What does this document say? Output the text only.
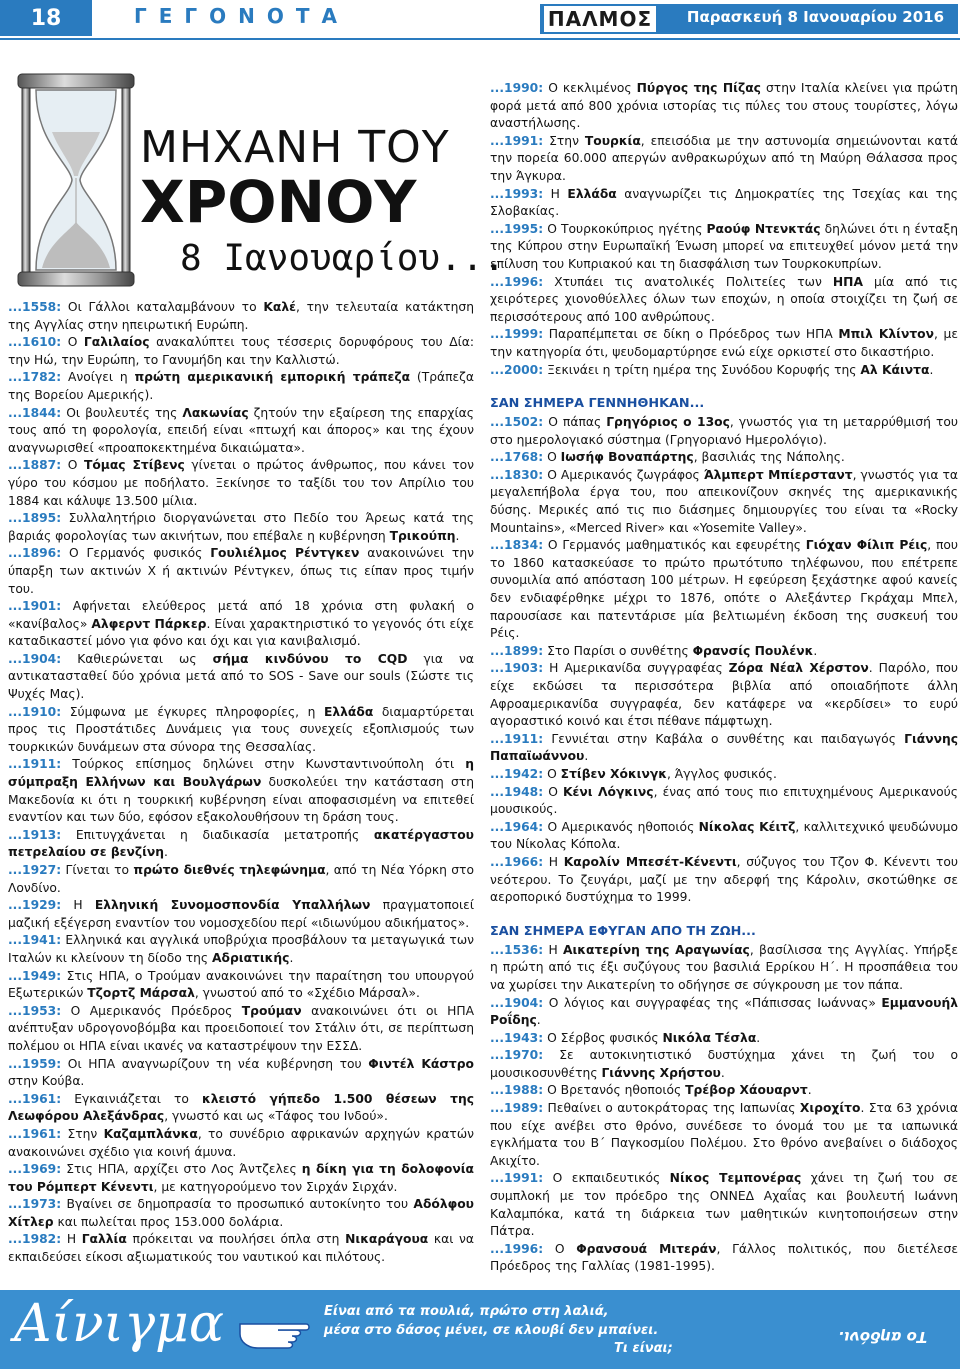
18	ΓΕΓΟΝΟΤΑ	ΠΑΛΜΟΣ Παρασκευή 8 Ιανουαρίου 2016
ΜΗΧΑΝΗ ΤΟΥ
ΧΡΟΝΟΥ
8 Ιανουαρίου...
...1558: Οι Γάλλοι καταλαμβάνουν το Καλέ, την τελευταία κατάκτηση της Αγγλίας στην ηπειρωτική Ευρώπη.
...1610: Ο Γαλιλαίος ανακαλύπτει τους τέσσερις δορυφόρους του Δία: την Ηώ, την Ευρώπη, το Γανυμήδη και την Καλλιστώ.
...1782: Ανοίγει η πρώτη αμερικανική εμπορική τράπεζα (Τράπεζα της Βορείου Αμερικής).
...1844: Οι βουλευτές της Λακωνίας ζητούν την εξαίρεση της επαρχίας τους από τη φορολογία, επειδή είναι «πτωχή και άπορος» και της έχουν αναγνωρισθεί «προαποκεκτημένα δικαιώματα».
...1887: Ο Τόμας Στίβενς γίνεται ο πρώτος άνθρωπος, που κάνει τον γύρο του κόσμου με ποδήλατο. Ξεκίνησε το ταξίδι του τον Απρίλιο του 1884 και κάλυψε 13.500 μίλια.
...1895: Συλλαλητήριο διοργανώνεται στο Πεδίο του Άρεως κατά της βαριάς φορολογίας των ακινήτων, που επέβαλε η κυβέρνηση Τρικούπη.
...1896: Ο Γερμανός φυσικός Γουλιέλμος Ρέντγκεν ανακοινώνει την ύπαρξη των ακτινών Χ ή ακτινών Ρέντγκεν, όπως τις είπαν προς τιμήν του.
...1901: Αφήνεται ελεύθερος μετά από 18 χρόνια στη φυλακή ο «κανίβαλος» Αλφερντ Πάρκερ. Είναι χαρακτηριστικό το γεγονός ότι είχε καταδικαστεί μόνο για φόνο και όχι και για κανιβαλισμό.
...1904: Καθιερώνεται ως σήμα κινδύνου το CQD για να αντικατασταθεί δύο χρόνια μετά από το SOS - Save our souls (Σώστε τις Ψυχές Μας).
...1910: Σύμφωνα με έγκυρες πληροφορίες, η Ελλάδα διαμαρτύρεται προς τις Προστάτιδες Δυνάμεις για τους συνεχείς εξοπλισμούς των τουρκικών δυνάμεων στα σύνορα της Θεσσαλίας.
...1911: Τούρκος επίσημος δηλώνει στην Κωνσταντινούπολη ότι η σύμπραξη Ελλήνων και Βουλγάρων δυσκολεύει την κατάσταση στη Μακεδονία κι ότι η τουρκική κυβέρνηση είναι αποφασισμένη να επιτεθεί εναντίον και των δύο, εφόσον εξακολουθήσουν τη δράση τους.
...1913: Επιτυγχάνεται η διαδικασία μετατροπής ακατέργαστου πετρελαίου σε βενζίνη.
...1927: Γίνεται το πρώτο διεθνές τηλεφώνημα, από τη Νέα Υόρκη στο Λονδίνο.
...1929: Η Ελληνική Συνομοσπονδία Υπαλλήλων πραγματοποιεί μαζική εξέγερση εναντίον του νομοσχεδίου περί «ιδιωνύμου αδικήματος».
...1941: Ελληνικά και αγγλικά υποβρύχια προσβάλουν τα μεταγωγικά των Ιταλών κι κλείνουν τη δίοδο της Αδριατικής.
...1949: Στις ΗΠΑ, ο Τρούμαν ανακοινώνει την παραίτηση του υπουργού Εξωτερικών Τζορτζ Μάρσαλ, γνωστού από το «Σχέδιο Μάρσαλ».
...1953: Ο Αμερικανός Πρόεδρος Τρούμαν ανακοινώνει ότι οι ΗΠΑ ανέπτυξαν υδρογονοβόμβα και προειδοποιεί τον Στάλιν ότι, σε περίπτωση πολέμου οι ΗΠΑ είναι ικανές να καταστρέψουν την ΕΣΣΔ.
...1959: Οι ΗΠΑ αναγνωρίζουν τη νέα κυβέρνηση του Φιντέλ Κάστρο στην Κούβα.
...1961: Εγκαινιάζεται το κλειστό γήπεδο 1.500 θέσεων της Λεωφόρου Αλεξάνδρας, γνωστό και ως «Τάφος του Ινδού».
...1961: Στην Καζαμπλάνκα, το συνέδριο αφρικανών αρχηγών κρατών ανακοινώνει σχέδιο για κοινή άμυνα.
...1969: Στις ΗΠΑ, αρχίζει στο Λος Άντζελες η δίκη για τη δολοφονία του Ρόμπερτ Κένεντι, με κατηγορούμενο τον Σιρχάν Σιρχάν.
...1973: Βγαίνει σε δημοπρασία το προσωπικό αυτοκίνητο του Αδόλφου Χίτλερ και πωλείται προς 153.000 δολάρια.
...1982: Η Γαλλία πρόκειται να πουλήσει όπλα στη Νικαράγουα και να εκπαιδεύσει είκοσι αξιωματικούς του ναυτικού και πιλότους.
...1990: Ο κεκλιμένος Πύργος της Πίζας στην Ιταλία κλείνει για πρώτη φορά μετά από 800 χρόνια ιστορίας τις πύλες του στους τουρίστες, λόγω αναστήλωσης.
...1991: Στην Τουρκία, επεισόδια με την αστυνομία σημειώνονται κατά την πορεία 60.000 απεργών ανθρακωρύχων από τη Μαύρη Θάλασσα προς την Άγκυρα.
...1993: Η Ελλάδα αναγνωρίζει τις Δημοκρατίες της Τσεχίας και της Σλοβακίας.
...1995: Ο Τουρκοκύπριος ηγέτης Ραούφ Ντενκτάς δηλώνει ότι η ένταξη της Κύπρου στην Ευρωπαϊκή Ένωση μπορεί να επιτευχθεί μόνον μετά την επίλυση του Κυπριακού και τη διασφάλιση των Τουρκοκυπρίων.
...1996: Χτυπάει τις ανατολικές Πολιτείες των ΗΠΑ μία από τις χειρότερες χιονοθύελλες όλων των εποχών, η οποία στοιχίζει τη ζωή σε περισσότερους από 100 ανθρώπους.
...1999: Παραπέμπεται σε δίκη ο Πρόεδρος των ΗΠΑ Μπιλ Κλίντον, με την κατηγορία ότι, ψευδομαρτύρησε ενώ είχε ορκιστεί στο δικαστήριο.
...2000: Ξεκινάει η τρίτη ημέρα της Συνόδου Κορυφής της Αλ Κάιντα.
ΣΑΝ ΣΗΜΕΡΑ ΓΕΝΝΗΘΗΚΑΝ...
...1502: Ο πάπας Γρηγόριος ο 13ος, γνωστός για τη μεταρρύθμισή του στο ημερολογιακό σύστημα (Γρηγοριανό Ημερολόγιο).
...1768: Ο Ιωσήφ Βοναπάρτης, βασιλιάς της Νάπολης.
...1830: Ο Αμερικανός ζωγράφος Άλμπερτ Μπίερσταντ, γνωστός για τα μεγαλεπήβολα έργα του, που απεικονίζουν σκηνές της αμερικανικής δύσης. Μερικές από τις πιο διάσημες δημιουργίες του είναι τα «Rocky Mountains», «Merced River» και «Yosemite Valley».
...1834: Ο Γερμανός μαθηματικός και εφευρέτης Γιόχαν Φίλιπ Ρέις, που το 1860 κατασκεύασε το πρώτο πρωτότυπο τηλέφωνου, που επέτρεπε συνομιλία από απόσταση 100 μέτρων. Η εφεύρεση ξεχάστηκε αφού κανείς δεν ενδιαφέρθηκε μέχρι το 1876, οπότε ο Αλεξάντερ Γκράχαμ Μπελ, παρουσίασε και πατεντάρισε μία βελτιωμένη έκδοση της συσκευή του Ρέις.
...1899: Στο Παρίσι ο συνθέτης Φρανσίς Πουλένκ.
...1903: Η Αμερικανίδα συγγραφέας Ζόρα Νέαλ Χέρστον. Παρόλο, που είχε εκδώσει τα περισσότερα βιβλία από οποιαδήποτε άλλη Αφροαμερικανίδα συγγραφέα, δεν κατάφερε να «κερδίσει» το ευρύ αγοραστικό κοινό και έτσι πέθανε πάμφτωχη.
...1911: Γεννιέται στην Καβάλα ο συνθέτης και παιδαγωγός Γιάννης Παπαϊωάννου.
...1942: Ο Στίβεν Χόκινγκ, Άγγλος φυσικός.
...1948: Ο Κένι Λόγκινς, ένας από τους πιο επιτυχημένους Αμερικανούς μουσικούς.
...1964: Ο Αμερικανός ηθοποιός Νίκολας Κέιτζ, καλλιτεχνικό ψευδώνυμο του Νίκολας Κόπολα.
...1966: Η Καρολίν Μπεσέτ-Κένεντι, σύζυγος του Τζον Φ. Κένεντι του νεότερου. Το ζευγάρι, μαζί με την αδερφή της Κάρολιν, σκοτώθηκε σε αεροπορικό δυστύχημα το 1999.
ΣΑΝ ΣΗΜΕΡΑ ΕΦΥΓΑΝ ΑΠΟ ΤΗ ΖΩΗ...
...1536: Η Αικατερίνη της Αραγωνίας, βασίλισσα της Αγγλίας. Υπήρξε η πρώτη από τις έξι συζύγους του βασιλιά Ερρίκου Η΄. Η προσπάθεια του να χωρίσει την Αικατερίνη το οδήγησε σε σύγκρουση με τον πάπα.
...1904: Ο λόγιος και συγγραφέας της «Πάπισσας Ιωάννας» Εμμανουήλ Ροΐδης.
...1943: Ο Σέρβος φυσικός Νικόλα Τέσλα.
...1970: Σε αυτοκινητιστικό δυστύχημα χάνει τη ζωή του ο μουσικοσυνθέτης Γιάννης Χρήστου.
...1988: Ο Βρετανός ηθοποιός Τρέβορ Χάουαρντ.
...1989: Πεθαίνει ο αυτοκράτορας της Ιαπωνίας Χιροχίτο. Στα 63 χρόνια που είχε ανέβει στο θρόνο, συνέδεσε το όνομά του με τα ιαπωνικά εγκλήματα του Β΄ Παγκοσμίου Πολέμου. Στο θρόνο ανεβαίνει ο διάδοχος Ακιχίτο.
...1991: Ο εκπαιδευτικός Νίκος Τεμπονέρας χάνει τη ζωή του σε συμπλοκή με τον πρόεδρο της ΟΝΝΕΔ Αχαΐας και βουλευτή Ιωάννη Καλαμπόκα, κατά τη διάρκεια των μαθητικών κινητοποιήσεων στην Πάτρα.
...1996: Ο Φρανσουά Μιτεράν, Γάλλος πολιτικός, που διετέλεσε Πρόεδρος της Γαλλίας (1981-1995).
Αίνιγμα	Είναι από τα πουλιά, πρώτο στη λαλιά,
μέσα στο δάσος μένει, σε κλουβί δεν μπαίνει.
Τι είναι;
Το αηδόνι.
